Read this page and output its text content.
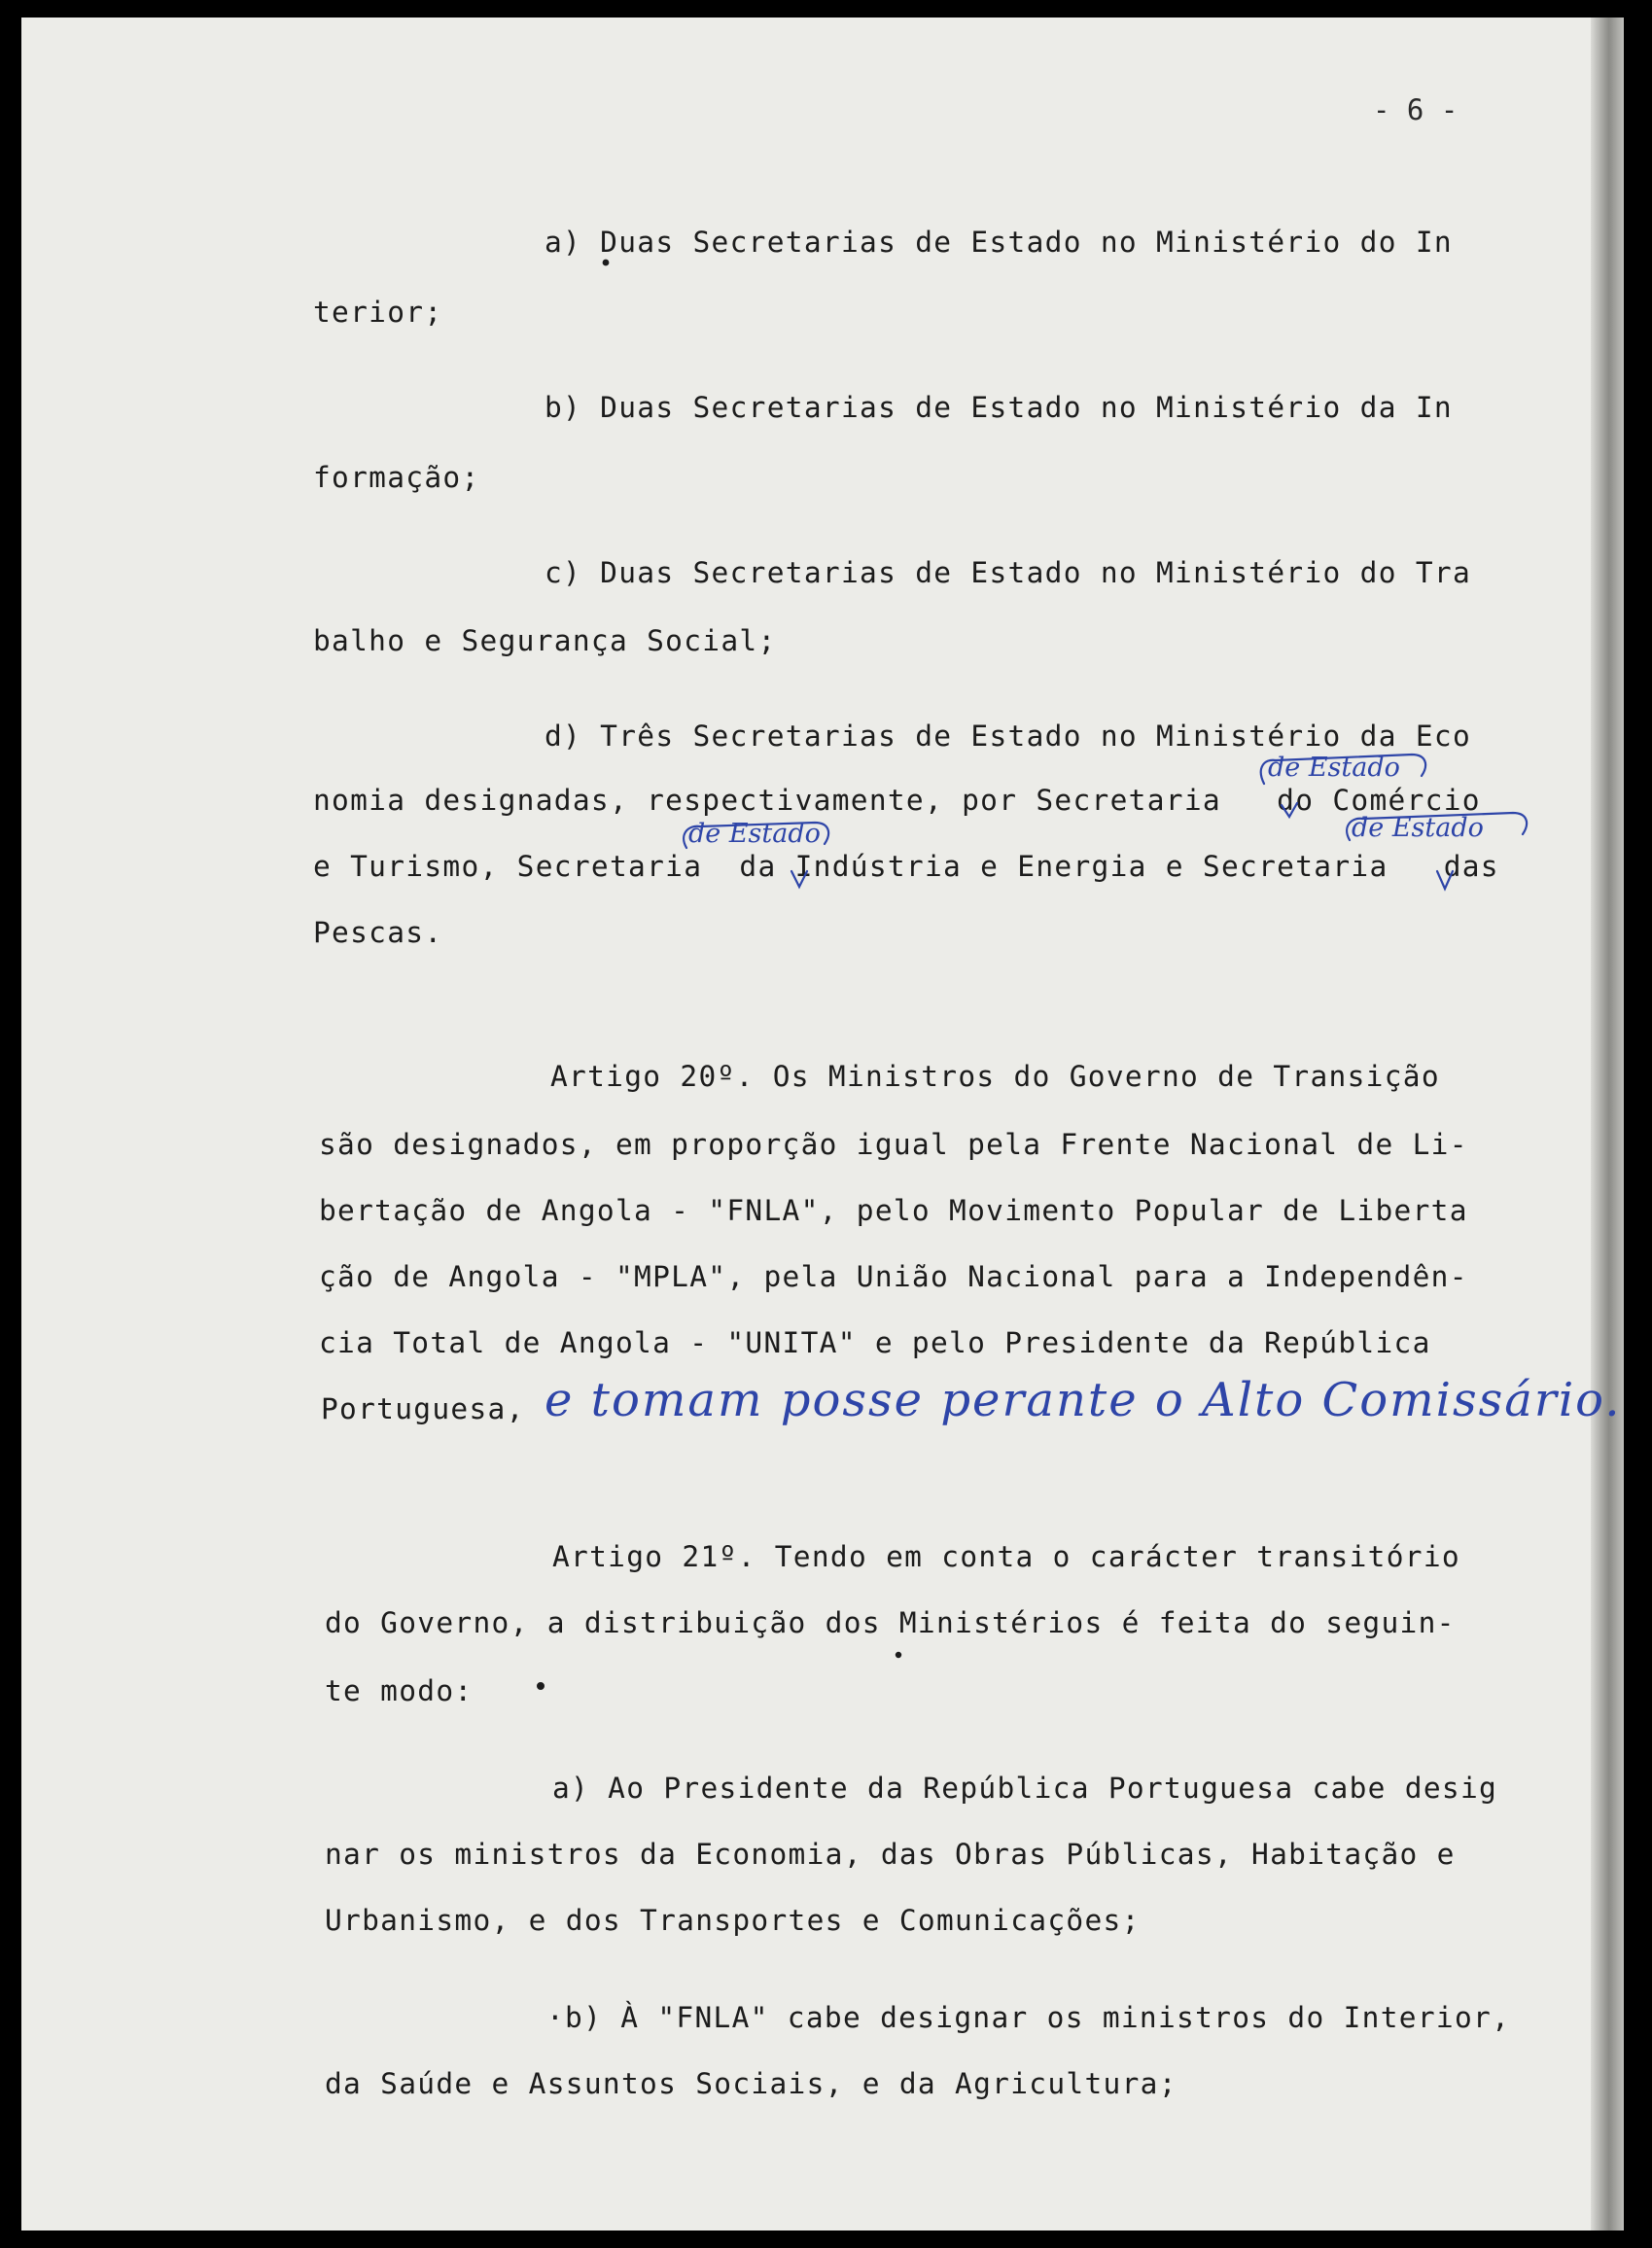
- 6 -
a) Duas Secretarias de Estado no Ministério do In
terior;
b) Duas Secretarias de Estado no Ministério da In
formação;
c) Duas Secretarias de Estado no Ministério do Tra
balho e Segurança Social;
d) Três Secretarias de Estado no Ministério da Eco
nomia designadas, respectivamente, por Secretaria   do Comércio
e Turismo, Secretaria  da Indústria e Energia e Secretaria   das
Pescas.
de Estado
de Estado	de Estado
Artigo 20º. Os Ministros do Governo de Transição
são designados, em proporção igual pela Frente Nacional de Li-
bertação de Angola - "FNLA", pelo Movimento Popular de Liberta
ção de Angola - "MPLA", pela União Nacional para a Independên-
cia Total de Angola - "UNITA" e pelo Presidente da República
Portuguesa, e tomam posse perante o Alto Comissário.
Artigo 21º. Tendo em conta o carácter transitório
do Governo, a distribuição dos Ministérios é feita do seguin-
te modo:
a) Ao Presidente da República Portuguesa cabe desig
nar os ministros da Economia, das Obras Públicas, Habitação e
Urbanismo, e dos Transportes e Comunicações;
·b) À "FNLA" cabe designar os ministros do Interior,
da Saúde e Assuntos Sociais, e da Agricultura;
